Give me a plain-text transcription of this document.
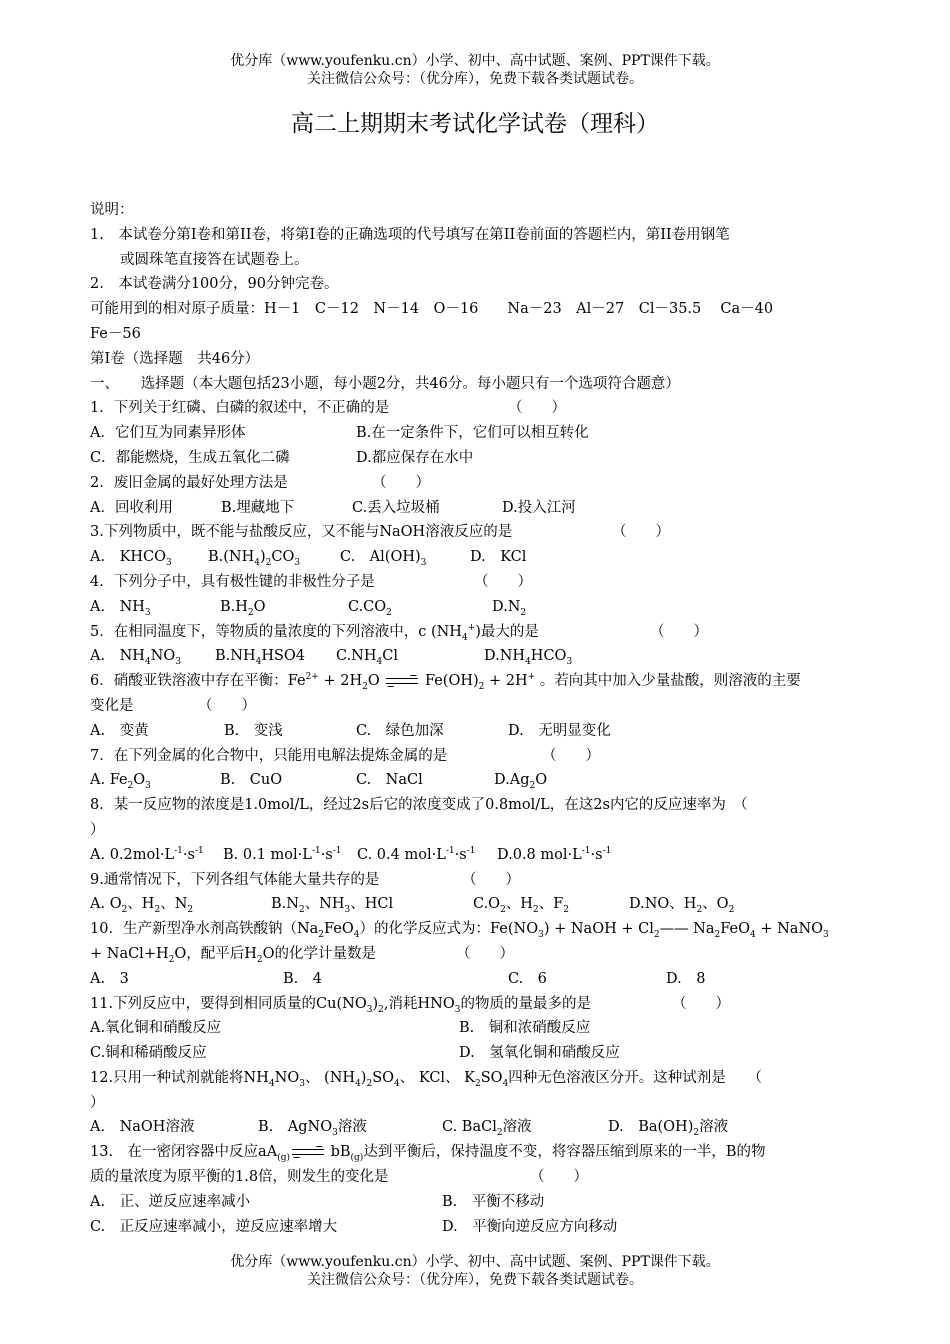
优分库（www.youfenku.cn）小学、初中、高中试题、案例、PPT课件下载。
关注微信公众号：（优分库），免费下载各类试题试卷。
高二上期期末考试化学试卷（理科）
说明：
1.　本试卷分第I卷和第II卷，将第I卷的正确选项的代号填写在第II卷前面的答题栏内，第II卷用钢笔
或圆珠笔直接答在试题卷上。
2.　本试卷满分100分，90分钟完卷。
可能用到的相对原子质量：H－1　C－12　N－14　O－16　　Na－23　Al－27　Cl－35.5　 Ca－40
Fe－56
第I卷（选择题　共46分）
一、　　选择题（本大题包括23小题，每小题2分，共46分。每小题只有一个选项符合题意）
1．下列关于红磷、白磷的叙述中，不正确的是	（　　）
A．它们互为同素异形体	B.在一定条件下，它们可以相互转化
C．都能燃烧，生成五氧化二磷	D.都应保存在水中
2．废旧金属的最好处理方法是	（　　）
A．回收利用	B.埋藏地下	C.丢入垃圾桶	D.投入江河
3.下列物质中，既不能与盐酸反应，又不能与NaOH溶液反应的是	（　　）
A.　$KHCO_3$ $B.(NH_4)_2CO_3$	C.　$Al(OH)_3$	D.　KCl
4．下列分子中，具有极性键的非极性分子是	（　　）
A.　$NH_3$	$B.H_2O$	$C.CO_2$	$D.N_2$
5．在相同温度下，等物质的量浓度的下列溶液中，c $(NH_4^+)$最大的是	（　　）
A.　$NH_4NO_3$ $B.NH_4HSO4$ $C.NH_4Cl$	$D.NH_4HCO_3$
6．硝酸亚铁溶液中存在平衡：$Fe^{2+} + 2H_2O \to Fe(OH)_2 + 2H^+$ 。若向其中加入少量盐酸，则溶液的主要
变化是	（　　）
A.　变黄	B.　变浅	C.　绿色加深	D.　无明显变化
7．在下列金属的化合物中，只能用电解法提炼金属的是	（　　）
A. $Fe_2O_3$	B.　CuO	C.　NaCl	$D.Ag_2O$
8．某一反应物的浓度是1.0mol/L，经过2s后它的浓度变成了0.8mol/L，在这2s内它的反应速率为　（
）
A. $0.2mol\cdot L^{-1}\cdot s^{-1}$ B. 0.1 $mol\cdot L^{-1}\cdot s^{-1}$ C. 0.4 $mol\cdot L^{-1}\cdot s^{-1}$ D.0.8 $mol\cdot L^{-1}\cdot s^{-1}$
9.通常情况下，下列各组气体能大量共存的是	（　　）
A. $O_2$、$H_2$、$N_2$	$B.N_2$、$NH_3$、HCl	$C.O_2$、$H_2$、$F_2$	D.NO、$H_2$、$O_2$
10．生产新型净水剂高铁酸钠$(Na_2FeO_4)$的化学反应式为：$Fe(NO_3)$ + NaOH + $Cl_2——$ $Na_2FeO_4$ + NaNO$_3$
+ $NaCl+H_2O$，配平后$H_2O$的化学计量数是	（　　）
A.　3	B.　4	C.　6	D.　8
11.下列反应中，要得到相同质量的$Cu(NO_3)_2$,消耗$HNO_3$的物质的量最多的是	（　　）
A.氧化铜和硝酸反应	B.　铜和浓硝酸反应
C.铜和稀硝酸反应	D.　氢氧化铜和硝酸反应
12.只用一种试剂就能将$NH_4NO_3$、 $(NH_4)_2SO_4$、 KCl、 $K_2SO_4$四种无色溶液区分开。这种试剂是　　（
）
A.　NaOH溶液	B.　AgNO$_3$溶液	C. BaCl$_2$溶液	D.　$Ba(OH)_2$溶液
13.　在一密闭容器中反应$aA_{(g)}\to bB_{(g)}$达到平衡后，保持温度不变，将容器压缩到原来的一半，B的物
质的量浓度为原平衡的1.8倍，则发生的变化是	（　　）
A.　正、逆反应速率减小	B.　平衡不移动
C.　正反应速率减小，逆反应速率增大	D.　平衡向逆反应方向移动
优分库（www.youfenku.cn）小学、初中、高中试题、案例、PPT课件下载。
关注微信公众号：（优分库），免费下载各类试题试卷。
